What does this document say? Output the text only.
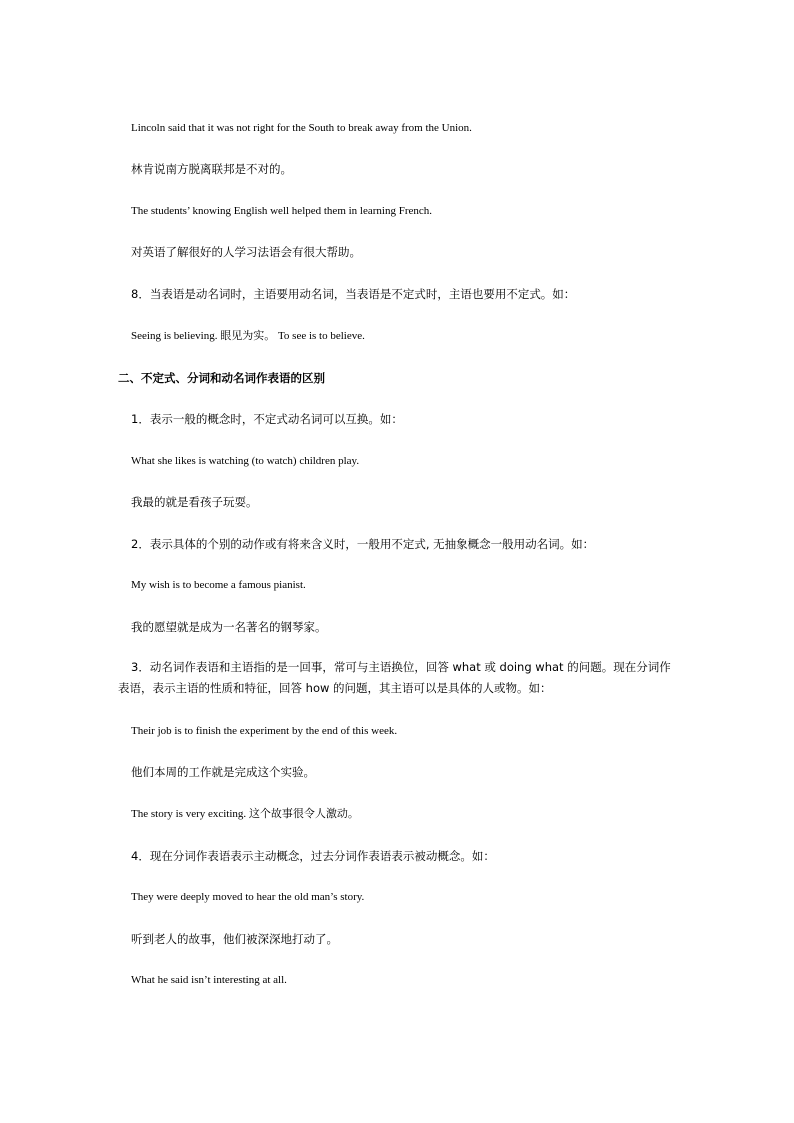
Lincoln said that it was not right for the South to break away from the Union.
林肯说南方脱离联邦是不对的。
The students’ knowing English well helped them in learning French.
对英语了解很好的人学习法语会有很大帮助。
8．当表语是动名词时，主语要用动名词，当表语是不定式时，主语也要用不定式。如：
Seeing is believing. 眼见为实。 To see is to believe.
二、不定式、分词和动名词作表语的区别
1．表示一般的概念时，不定式动名词可以互换。如：
What she likes is watching (to watch) children play.
我最的就是看孩子玩耍。
2．表示具体的个别的动作或有将来含义时，一般用不定式, 无抽象概念一般用动名词。如：
My wish is to become a famous pianist.
我的愿望就是成为一名著名的钢琴家。
3．动名词作表语和主语指的是一回事，常可与主语换位，回答 what 或 doing what 的问题。现在分词作表语，表示主语的性质和特征，回答 how 的问题，其主语可以是具体的人或物。如：
Their job is to finish the experiment by the end of this week.
他们本周的工作就是完成这个实验。
The story is very exciting. 这个故事很令人激动。
4．现在分词作表语表示主动概念，过去分词作表语表示被动概念。如：
They were deeply moved to hear the old man’s story.
听到老人的故事，他们被深深地打动了。
What he said isn’t interesting at all.
